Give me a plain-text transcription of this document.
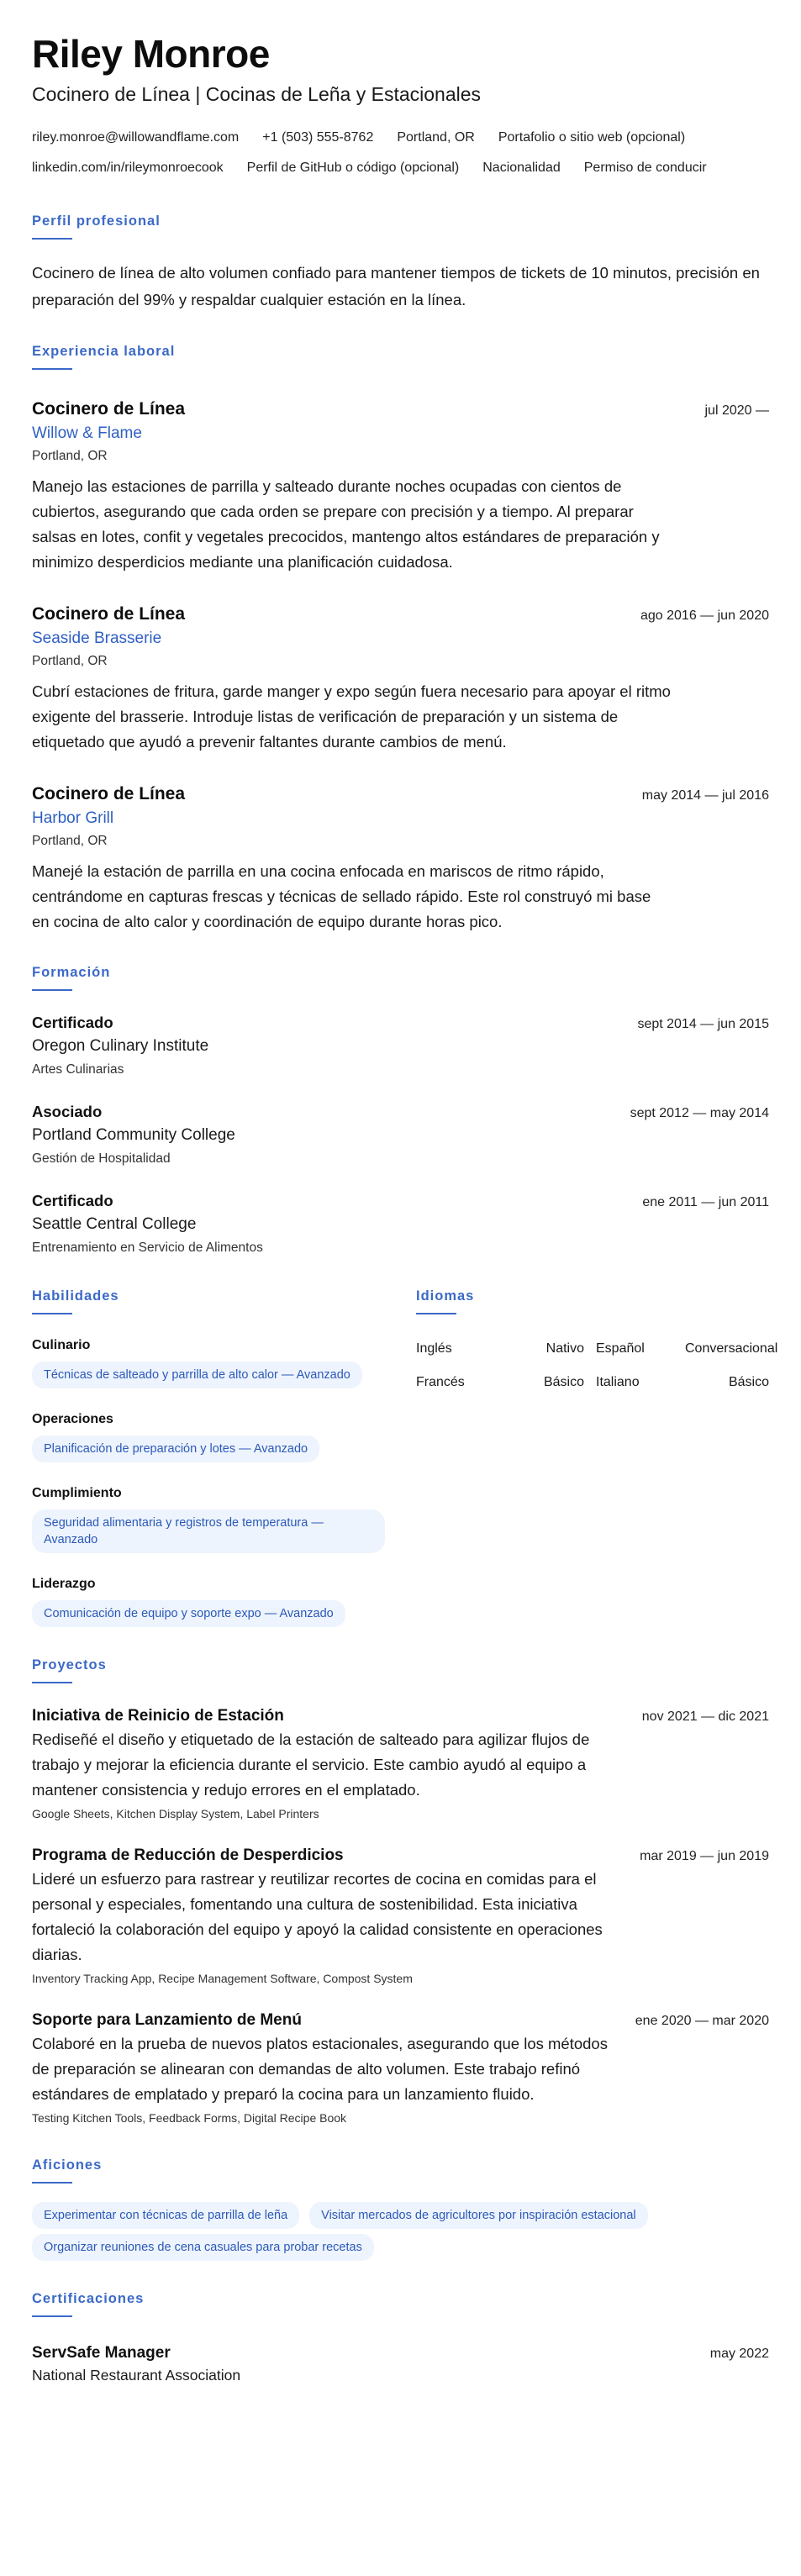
Riley Monroe
Cocinero de Línea | Cocinas de Leña y Estacionales
riley.monroe@willowandflame.com +1 (503) 555-8762 Portland, OR Portafolio o sitio web (opcional)
linkedin.com/in/rileymonroecook Perfil de GitHub o código (opcional) Nacionalidad Permiso de conducir
Perfil profesional

Cocinero de línea de alto volumen confiado para mantener tiempos de tickets de 10 minutos, precisión en preparación del 99% y respaldar cualquier estación en la línea.

Experiencia laboral
Cocinero de Línea	jul 2020 —
Willow & Flame
Portland, OR

Manejo las estaciones de parrilla y salteado durante noches ocupadas con cientos de cubiertos, asegurando que cada orden se prepare con precisión y a tiempo. Al preparar salsas en lotes, confit y vegetales precocidos, mantengo altos estándares de preparación y minimizo desperdicios mediante una planificación cuidadosa.

Cocinero de Línea	ago 2016 — jun 2020
Seaside Brasserie
Portland, OR

Cubrí estaciones de fritura, garde manger y expo según fuera necesario para apoyar el ritmo exigente del brasserie. Introduje listas de verificación de preparación y un sistema de etiquetado que ayudó a prevenir faltantes durante cambios de menú.

Cocinero de Línea	may 2014 — jul 2016
Harbor Grill
Portland, OR

Manejé la estación de parrilla en una cocina enfocada en mariscos de ritmo rápido, centrándome en capturas frescas y técnicas de sellado rápido. Este rol construyó mi base en cocina de alto calor y coordinación de equipo durante horas pico.

Formación
Certificado	sept 2014 — jun 2015
Oregon Culinary Institute
Artes Culinarias
Asociado	sept 2012 — may 2014
Portland Community College
Gestión de Hospitalidad
Certificado	ene 2011 — jun 2011
Seattle Central College
Entrenamiento en Servicio de Alimentos
Habilidades
Culinario
Técnicas de salteado y parrilla de alto calor — Avanzado
Operaciones
Planificación de preparación y lotes — Avanzado
Cumplimiento
Seguridad alimentaria y registros de temperatura — Avanzado
Liderazgo
Comunicación de equipo y soporte expo — Avanzado
Idiomas
Inglés	Nativo Español	Conversacional
Francés	Básico Italiano	Básico
Proyectos
Iniciativa de Reinicio de Estación	nov 2021 — dic 2021

Rediseñé el diseño y etiquetado de la estación de salteado para agilizar flujos de trabajo y mejorar la eficiencia durante el servicio. Este cambio ayudó al equipo a mantener consistencia y redujo errores en el emplatado.

Google Sheets, Kitchen Display System, Label Printers
Programa de Reducción de Desperdicios	mar 2019 — jun 2019

Lideré un esfuerzo para rastrear y reutilizar recortes de cocina en comidas para el personal y especiales, fomentando una cultura de sostenibilidad. Esta iniciativa fortaleció la colaboración del equipo y apoyó la calidad consistente en operaciones diarias.

Inventory Tracking App, Recipe Management Software, Compost System
Soporte para Lanzamiento de Menú	ene 2020 — mar 2020

Colaboré en la prueba de nuevos platos estacionales, asegurando que los métodos de preparación se alinearan con demandas de alto volumen. Este trabajo refinó estándares de emplatado y preparó la cocina para un lanzamiento fluido.

Testing Kitchen Tools, Feedback Forms, Digital Recipe Book
Aficiones
Experimentar con técnicas de parrilla de leña	Visitar mercados de agricultores por inspiración estacional
Organizar reuniones de cena casuales para probar recetas
Certificaciones
ServSafe Manager	may 2022
National Restaurant Association
